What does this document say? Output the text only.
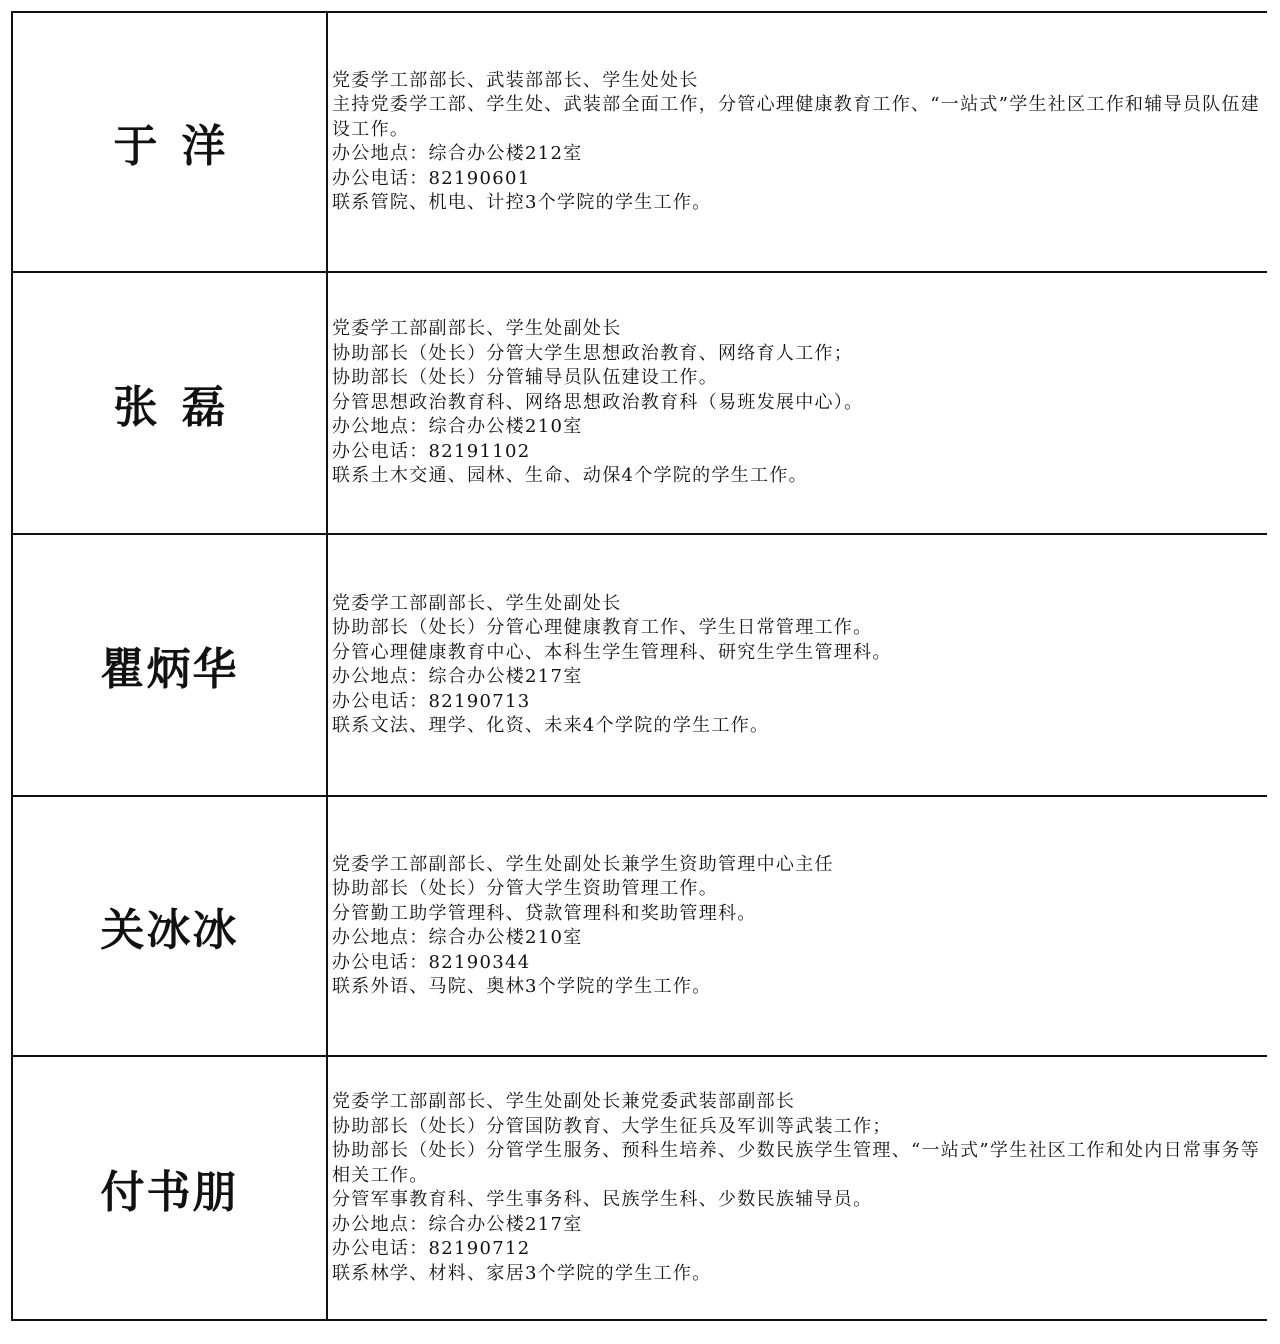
于洋
党委学工部部长、武装部部长、学生处处长
主持党委学工部、学生处、武装部全面工作，分管心理健康教育工作、“一站式”学生社区工作和辅导员队伍建设工作。
办公地点：综合办公楼212室
办公电话：82190601
联系管院、机电、计控3个学院的学生工作。
张磊
党委学工部副部长、学生处副处长
协助部长（处长）分管大学生思想政治教育、网络育人工作；
协助部长（处长）分管辅导员队伍建设工作。
分管思想政治教育科、网络思想政治教育科（易班发展中心）。
办公地点：综合办公楼210室
办公电话：82191102
联系土木交通、园林、生命、动保4个学院的学生工作。
瞿炳华
党委学工部副部长、学生处副处长
协助部长（处长）分管心理健康教育工作、学生日常管理工作。
分管心理健康教育中心、本科生学生管理科、研究生学生管理科。
办公地点：综合办公楼217室
办公电话：82190713
联系文法、理学、化资、未来4个学院的学生工作。
关冰冰
党委学工部副部长、学生处副处长兼学生资助管理中心主任
协助部长（处长）分管大学生资助管理工作。
分管勤工助学管理科、贷款管理科和奖助管理科。
办公地点：综合办公楼210室
办公电话：82190344
联系外语、马院、奥林3个学院的学生工作。
付书朋
党委学工部副部长、学生处副处长兼党委武装部副部长
协助部长（处长）分管国防教育、大学生征兵及军训等武装工作；
协助部长（处长）分管学生服务、预科生培养、少数民族学生管理、“一站式”学生社区工作和处内日常事务等相关工作。
分管军事教育科、学生事务科、民族学生科、少数民族辅导员。
办公地点：综合办公楼217室
办公电话：82190712
联系林学、材料、家居3个学院的学生工作。
